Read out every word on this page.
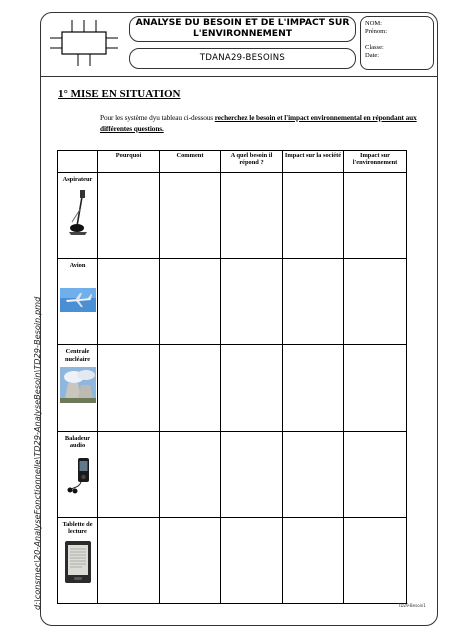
ANALYSE DU BESOIN ET DE L'IMPACT SUR L'ENVIRONNEMENT
TDANA29-BESOINS
NOM:
Prénom:
Classe:
Date:
d:\consmec\20-AnalyseFonctionnelle\TD29-AnalyseBesoin\TD29-Besoin.pmd
1° MISE EN SITUATION
Pour les système dyu tableau ci-dessous recherchez le besoin et l'impact environnemental en répondant aux différentes questions.
	Pourquoi	Comment	A quel besoin il répond ?	Impact sur la société	Impact sur l'environnement

Aspirateur					

Avion					

Centrale nucléaire					

Baladeur audio					

Tablette de lecture					

TD29-Besoin1
